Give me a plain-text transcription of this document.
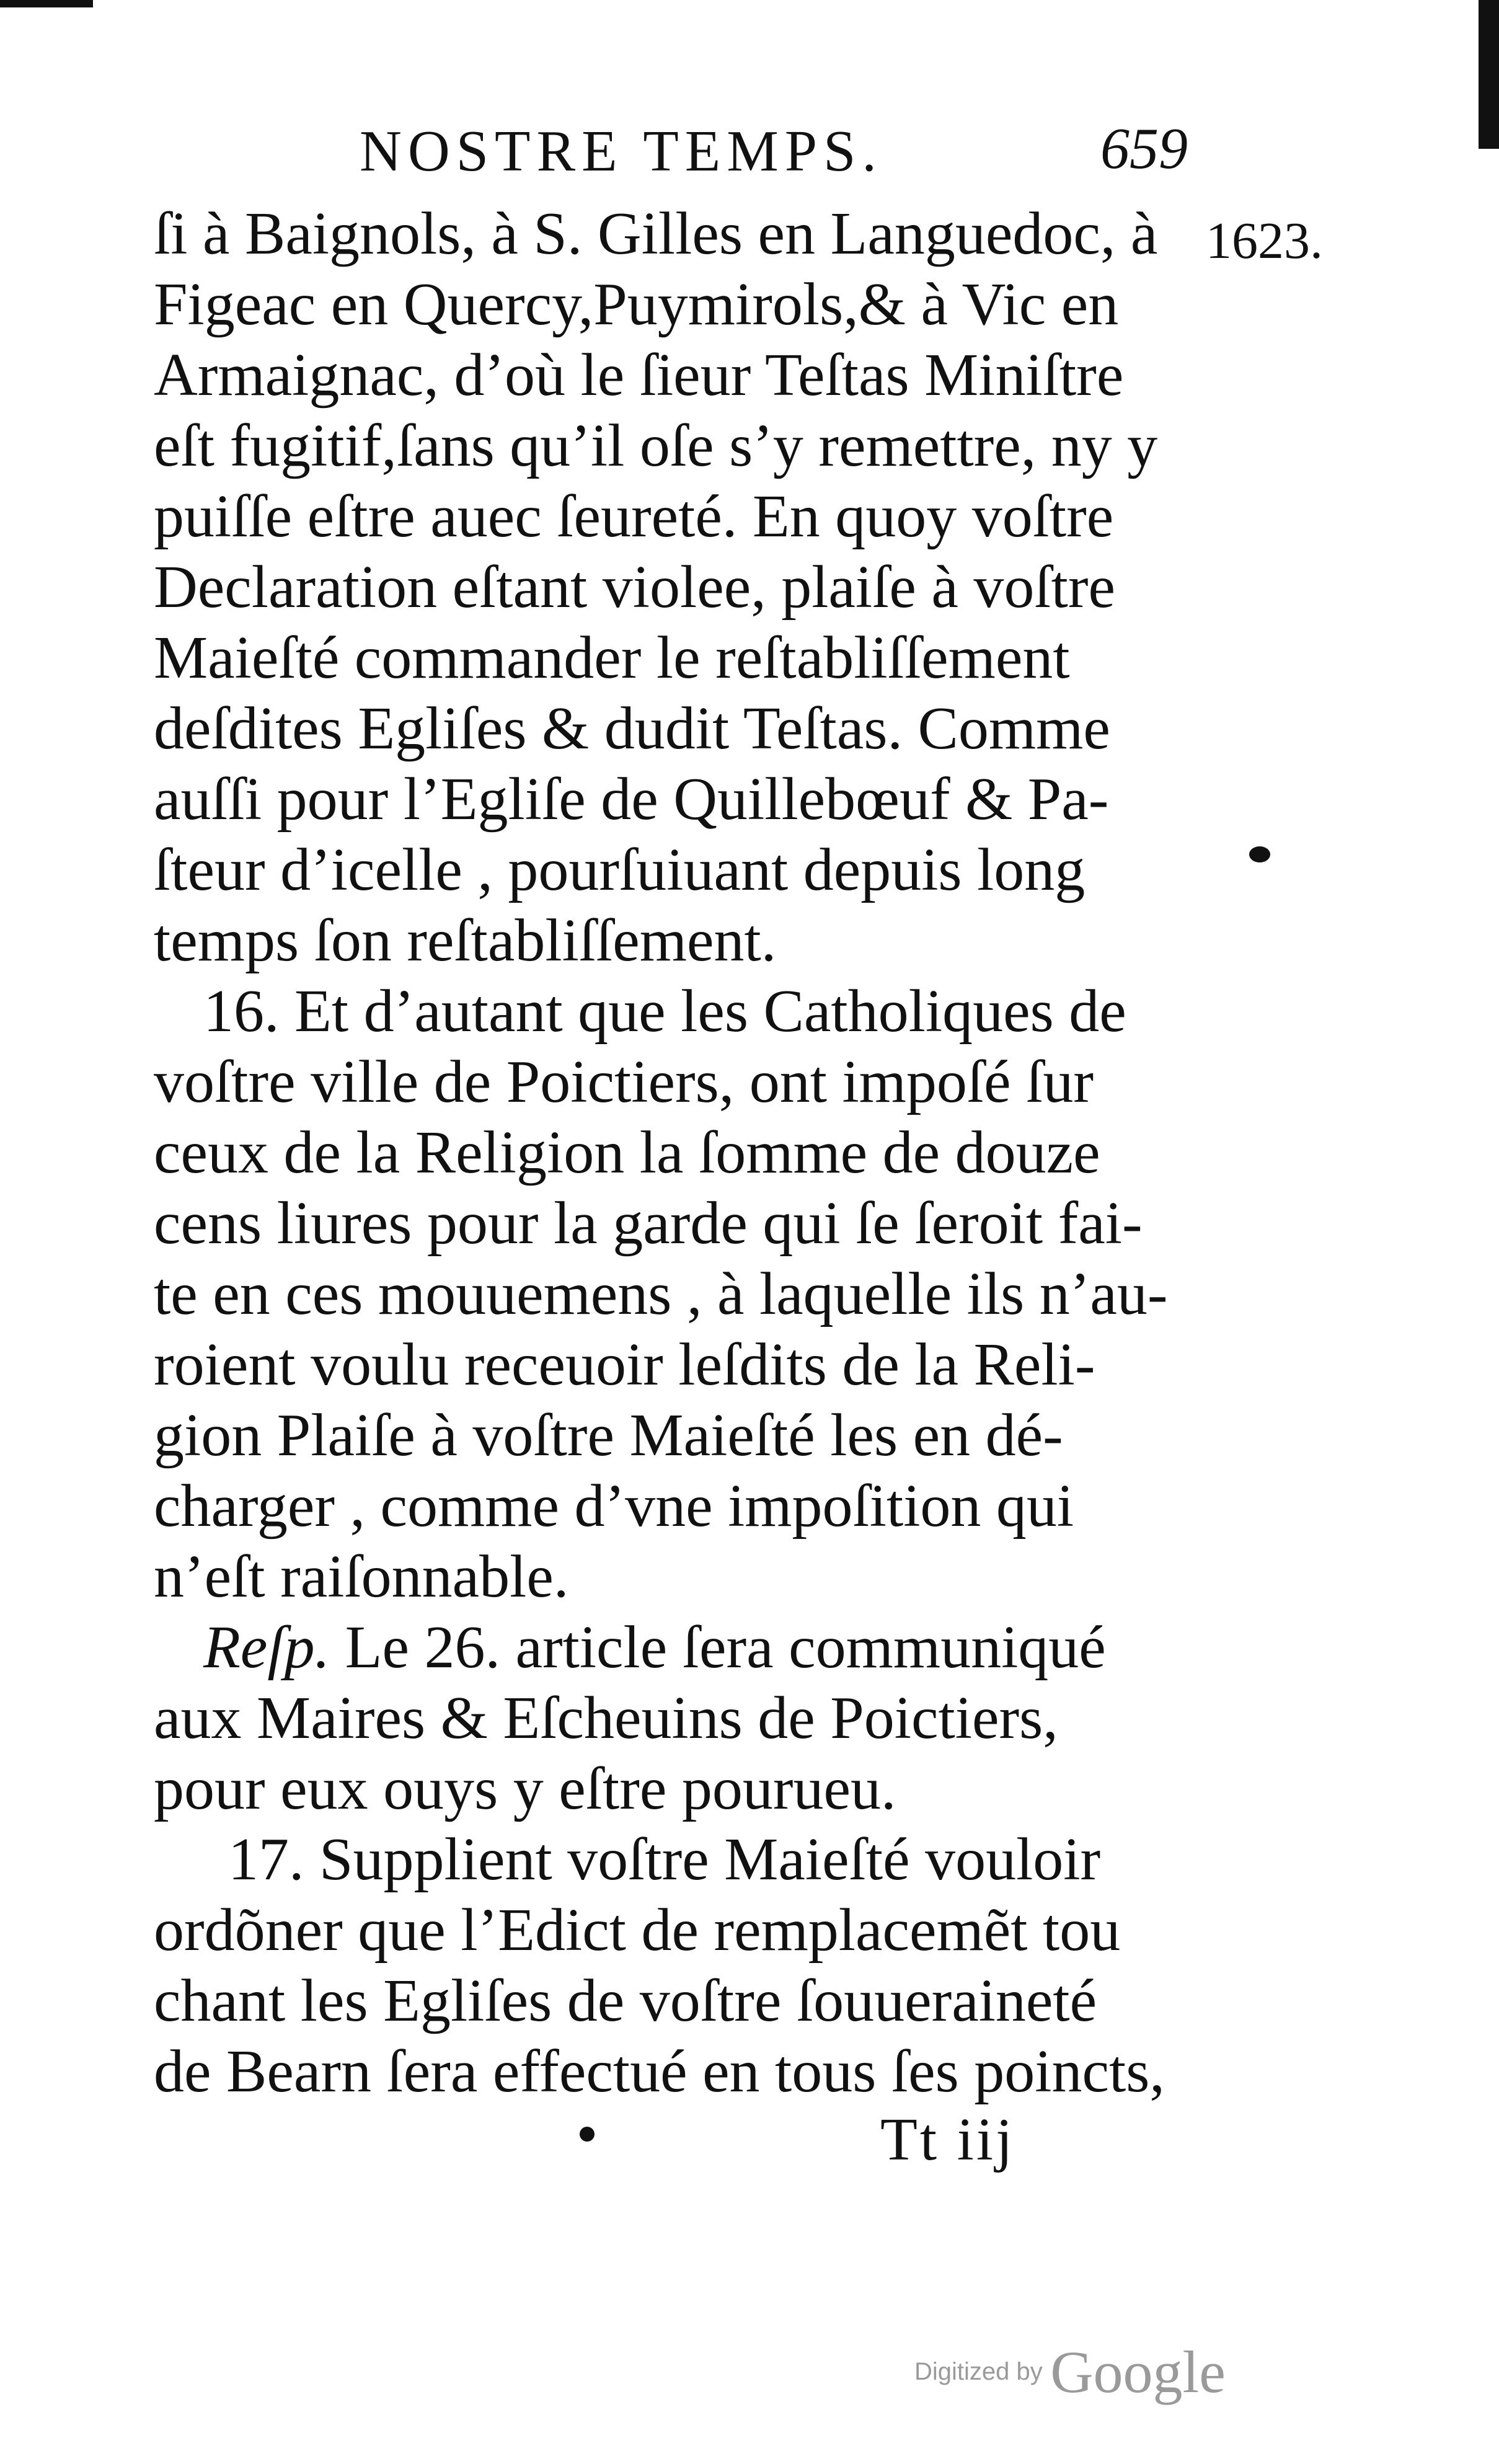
NOSTRE TEMPS.	659
1623.
ſi à Baignols, à S. Gilles en Languedoc, à
Figeac en Quercy,Puymirols,& à Vic en
Armaignac, d’où le ſieur Teſtas Miniſtre
eſt fugitif,ſans qu’il oſe s’y remettre, ny y
puiſſe eſtre auec ſeureté. En quoy voſtre
Declaration eſtant violee, plaiſe à voſtre
Maieſté commander le reſtabliſſement
deſdites Egliſes & dudit Teſtas. Comme
auſſi pour l’Egliſe de Quillebœuf & Pa-
ſteur d’icelle , pourſuiuant depuis long
temps ſon reſtabliſſement.
16. Et d’autant que les Catholiques de
voſtre ville de Poictiers, ont impoſé ſur
ceux de la Religion la ſomme de douze
cens liures pour la garde qui ſe ſeroit fai-
te en ces mouuemens , à laquelle ils n’au-
roient voulu receuoir leſdits de la Reli-
gion Plaiſe à voſtre Maieſté les en dé-
charger , comme d’vne impoſition qui
n’eſt raiſonnable.
Reſp. Le 26. article ſera communiqué
aux Maires & Eſcheuins de Poictiers,
pour eux ouys y eſtre pourueu.
17. Supplient voſtre Maieſté vouloir
ordõner que l’Edict de remplacemẽt tou
chant les Egliſes de voſtre ſouueraineté
de Bearn ſera effectué en tous ſes poincts,
Tt iij
Digitized by Google
